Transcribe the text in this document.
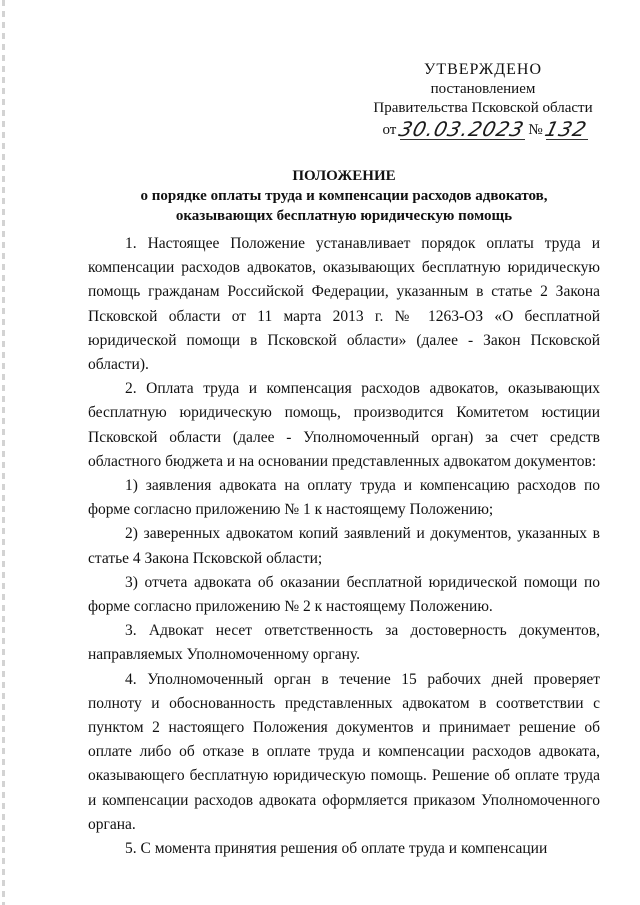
УТВЕРЖДЕНО
постановлением
Правительства Псковской области
от 30.03.2023 № 132
ПОЛОЖЕНИЕ
о порядке оплаты труда и компенсации расходов адвокатов,
оказывающих бесплатную юридическую помощь

1. Настоящее Положение устанавливает порядок оплаты труда и компенсации расходов адвокатов, оказывающих бесплатную юридическую помощь гражданам Российской Федерации, указанным в статье 2 Закона Псковской области от 11 марта 2013 г. № 1263-ОЗ «О бесплатной юридической помощи в Псковской области» (далее - Закон Псковской области).

2. Оплата труда и компенсация расходов адвокатов, оказывающих бесплатную юридическую помощь, производится Комитетом юстиции Псковской области (далее - Уполномоченный орган) за счет средств областного бюджета и на основании представленных адвокатом документов:

1) заявления адвоката на оплату труда и компенсацию расходов по форме согласно приложению № 1 к настоящему Положению;

2) заверенных адвокатом копий заявлений и документов, указанных в статье 4 Закона Псковской области;

3) отчета адвоката об оказании бесплатной юридической помощи по форме согласно приложению № 2 к настоящему Положению.

3. Адвокат несет ответственность за достоверность документов, направляемых Уполномоченному органу.

4. Уполномоченный орган в течение 15 рабочих дней проверяет полноту и обоснованность представленных адвокатом в соответствии с пунктом 2 настоящего Положения документов и принимает решение об оплате либо об отказе в оплате труда и компенсации расходов адвоката, оказывающего бесплатную юридическую помощь. Решение об оплате труда и компенсации расходов адвоката оформляется приказом Уполномоченного органа.

5. С момента принятия решения об оплате труда и компенсации
